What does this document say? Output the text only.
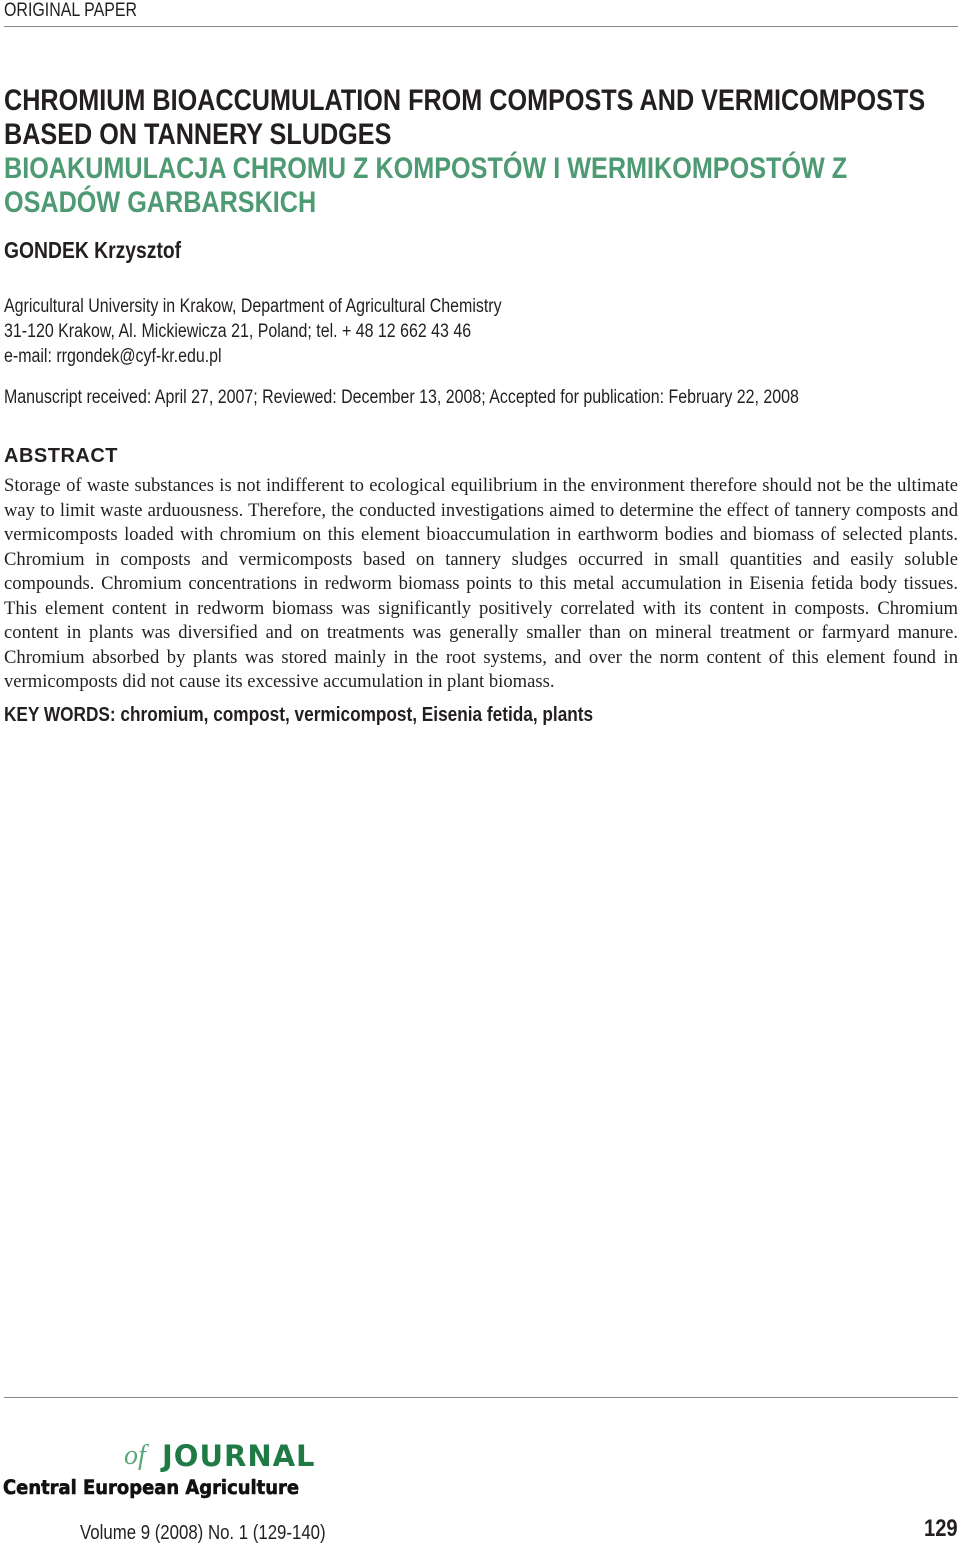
ORIGINAL PAPER
CHROMIUM BIOACCUMULATION FROM COMPOSTS AND VERMICOMPOSTS BASED ON TANNERY SLUDGES
BIOAKUMULACJA CHROMU Z KOMPOSTÓW I WERMIKOMPOSTÓW Z OSADÓW GARBARSKICH
GONDEK Krzysztof
Agricultural University in Krakow, Department of Agricultural Chemistry
31-120 Krakow, Al. Mickiewicza 21, Poland; tel. + 48 12 662 43 46
e-mail: rrgondek@cyf-kr.edu.pl
Manuscript received: April 27, 2007; Reviewed: December 13, 2008; Accepted for publication: February 22, 2008
ABSTRACT
Storage of waste substances is not indifferent to ecological equilibrium in the environment therefore should not be the ultimate way to limit waste arduousness. Therefore, the conducted investigations aimed to determine the effect of tannery composts and vermicomposts loaded with chromium on this element bioaccumulation in earthworm bodies and biomass of selected plants. Chromium in composts and vermicomposts based on tannery sludges occurred in small quantities and easily soluble compounds. Chromium concentrations in redworm biomass points to this metal accumulation in Eisenia fetida body tissues. This element content in redworm biomass was significantly positively correlated with its content in composts. Chromium content in plants was diversified and on treatments was generally smaller than on mineral treatment or farmyard manure. Chromium absorbed by plants was stored mainly in the root systems, and over the norm content of this element found in vermicomposts did not cause its excessive accumulation in plant biomass.
KEY WORDS: chromium, compost, vermicompost, Eisenia fetida, plants
of JOURNAL
Central European Agriculture
Volume 9 (2008) No. 1 (129-140)	129
